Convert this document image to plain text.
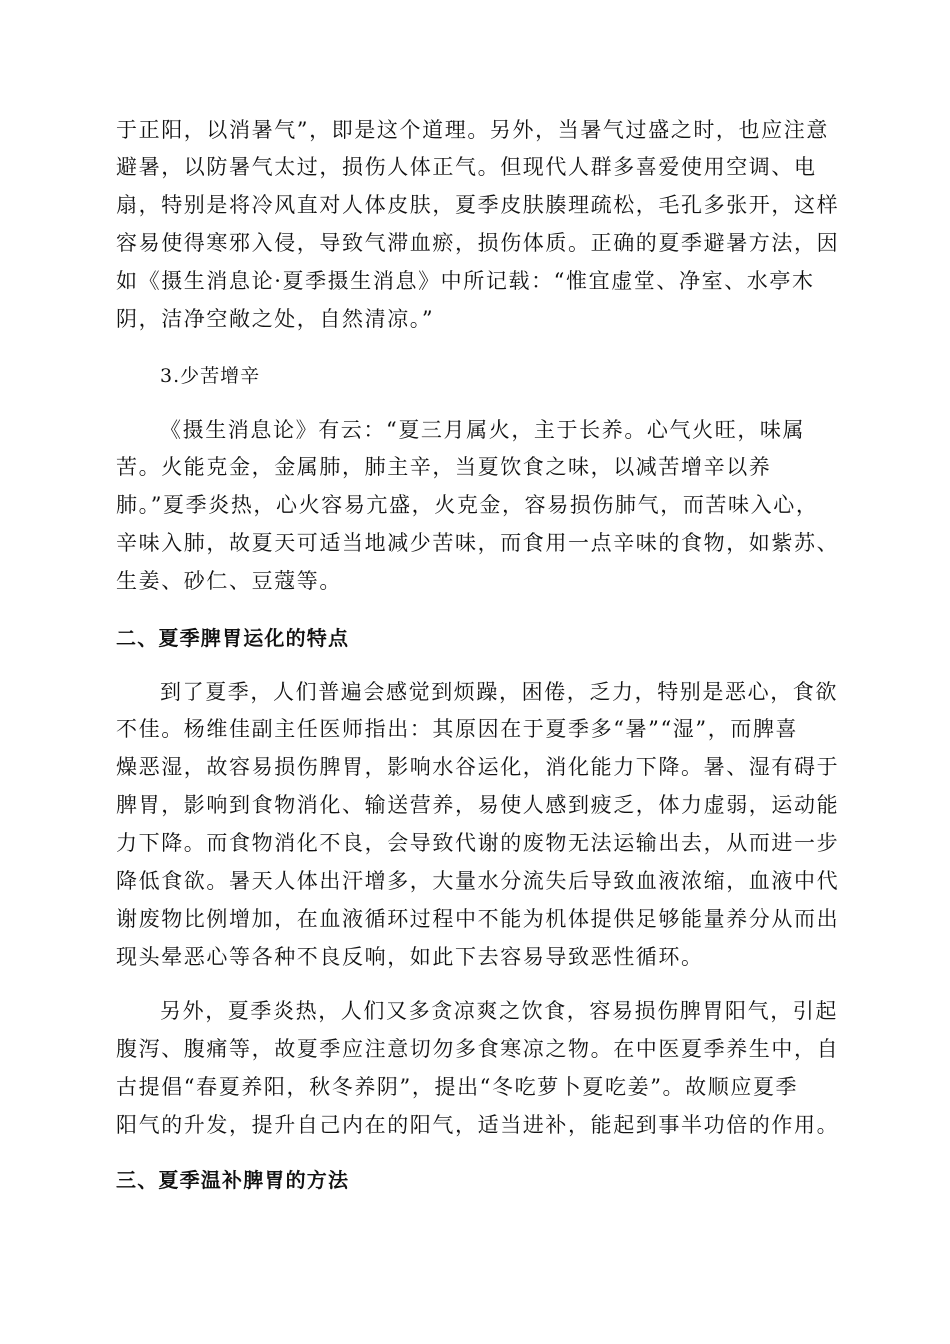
于正阳，以消暑气”，即是这个道理。另外，当暑气过盛之时，也应注意
避暑，以防暑气太过，损伤人体正气。但现代人群多喜爱使用空调、电
扇，特别是将冷风直对人体皮肤，夏季皮肤腠理疏松，毛孔多张开，这样
容易使得寒邪入侵，导致气滞血瘀，损伤体质。正确的夏季避暑方法，因
如《摄生消息论·夏季摄生消息》中所记载：“惟宜虚堂、净室、水亭木
阴，洁净空敞之处，自然清凉。”
3.少苦增辛
《摄生消息论》有云：“夏三月属火，主于长养。心气火旺，味属
苦。火能克金，金属肺，肺主辛，当夏饮食之味，以减苦增辛以养
肺。”夏季炎热，心火容易亢盛，火克金，容易损伤肺气，而苦味入心，
辛味入肺，故夏天可适当地减少苦味，而食用一点辛味的食物，如紫苏、
生姜、砂仁、豆蔻等。
二、夏季脾胃运化的特点
到了夏季，人们普遍会感觉到烦躁，困倦，乏力，特别是恶心，食欲
不佳。杨维佳副主任医师指出：其原因在于夏季多“暑”“湿”，而脾喜
燥恶湿，故容易损伤脾胃，影响水谷运化，消化能力下降。暑、湿有碍于
脾胃，影响到食物消化、输送营养，易使人感到疲乏，体力虚弱，运动能
力下降。而食物消化不良，会导致代谢的废物无法运输出去，从而进一步
降低食欲。暑天人体出汗增多，大量水分流失后导致血液浓缩，血液中代
谢废物比例增加，在血液循环过程中不能为机体提供足够能量养分从而出
现头晕恶心等各种不良反响，如此下去容易导致恶性循环。
另外，夏季炎热，人们又多贪凉爽之饮食，容易损伤脾胃阳气，引起
腹泻、腹痛等，故夏季应注意切勿多食寒凉之物。在中医夏季养生中，自
古提倡“春夏养阳，秋冬养阴”，提出“冬吃萝卜夏吃姜”。故顺应夏季
阳气的升发，提升自己内在的阳气，适当进补，能起到事半功倍的作用。
三、夏季温补脾胃的方法
